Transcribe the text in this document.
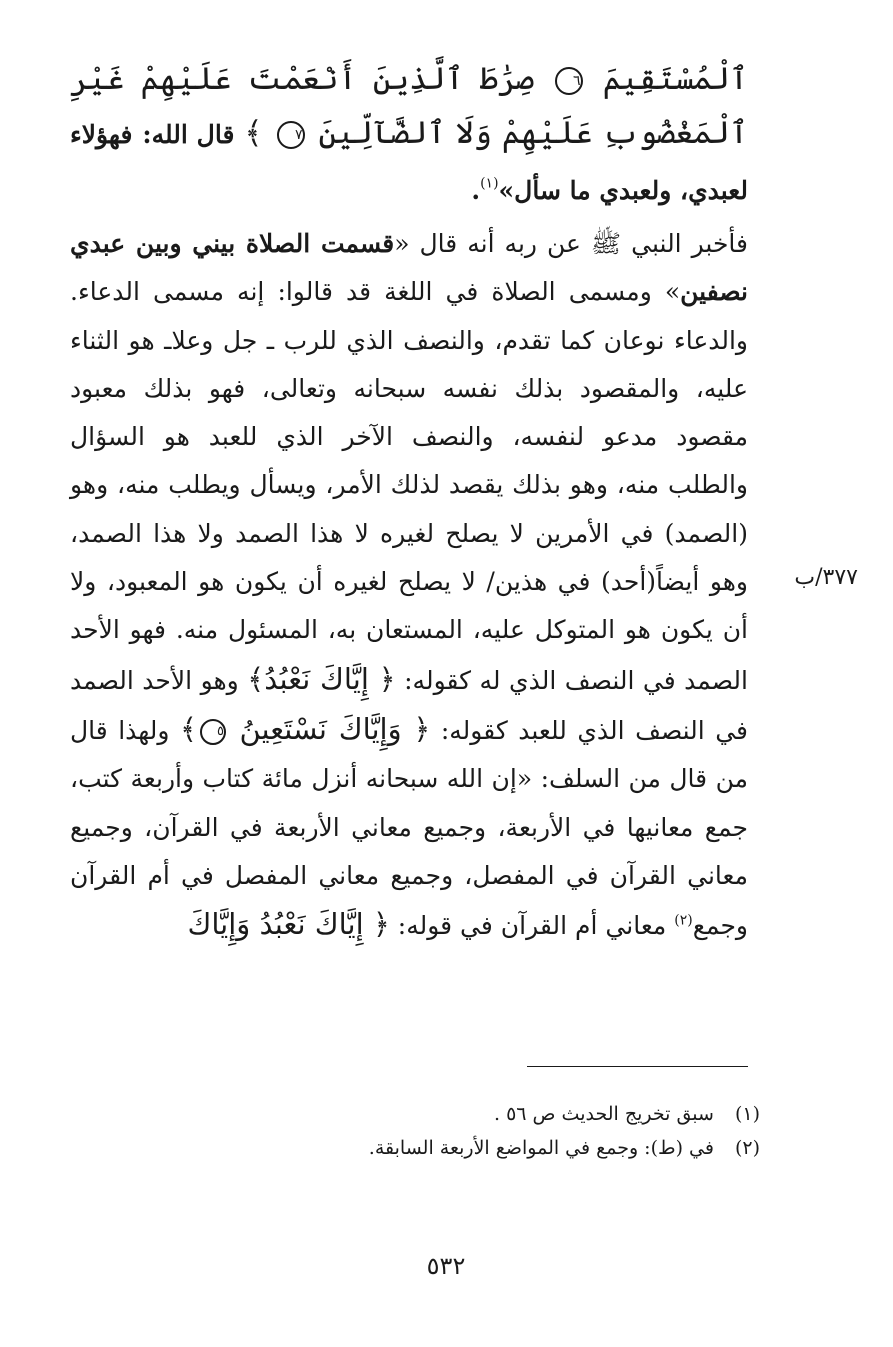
ٱلْمُسْتَقِيمَ ٦ صِرَٰطَ ٱلَّذِينَ أَنْعَمْتَ عَلَيْهِمْ غَيْرِ ٱلْمَغْضُوبِ عَلَيْهِمْ وَلَا ٱلضَّآلِّينَ ٧ ﴾ قال الله: فهؤلاء لعبدي، ولعبدي ما سأل»$^{(١)}$.
فأخبر النبي ﷺ عن ربه أنه قال «قسمت الصلاة بيني وبين عبدي نصفين» ومسمى الصلاة في اللغة قد قالوا: إنه مسمى الدعاء. والدعاء نوعان كما تقدم، والنصف الذي للرب ـ جل وعلاـ هو الثناء عليه، والمقصود بذلك نفسه سبحانه وتعالى، فهو بذلك معبود مقصود مدعو لنفسه، والنصف الآخر الذي للعبد هو السؤال والطلب منه، وهو بذلك يقصد لذلك الأمر، ويسأل ويطلب منه، وهو (الصمد) في الأمرين لا يصلح لغيره لا هذا الصمد ولا هذا الصمد، وهو أيضاً(أحد) في هذين/ لا يصلح لغيره أن يكون هو المعبود، ولا أن يكون هو المتوكل عليه، المستعان به، المسئول منه. فهو الأحد الصمد في النصف الذي له كقوله: ﴿ إِيَّاكَ نَعْبُدُ﴾ وهو الأحد الصمد في النصف الذي للعبد كقوله: ﴿ وَإِيَّاكَ نَسْتَعِينُ ٥﴾ ولهذا قال من قال من السلف: «إن الله سبحانه أنزل مائة كتاب وأربعة كتب، جمع معانيها في الأربعة، وجميع معاني الأربعة في القرآن، وجميع معاني القرآن في المفصل، وجميع معاني المفصل في أم القرآن وجمع$^{(٢)}$ معاني أم القرآن في قوله: ﴿ إِيَّاكَ نَعْبُدُ وَإِيَّاكَ
٣٧٧/ب
(١) سبق تخريج الحديث ص ٥٦ .
(٢) في (ط): وجمع في المواضع الأربعة السابقة.
٥٣٢
